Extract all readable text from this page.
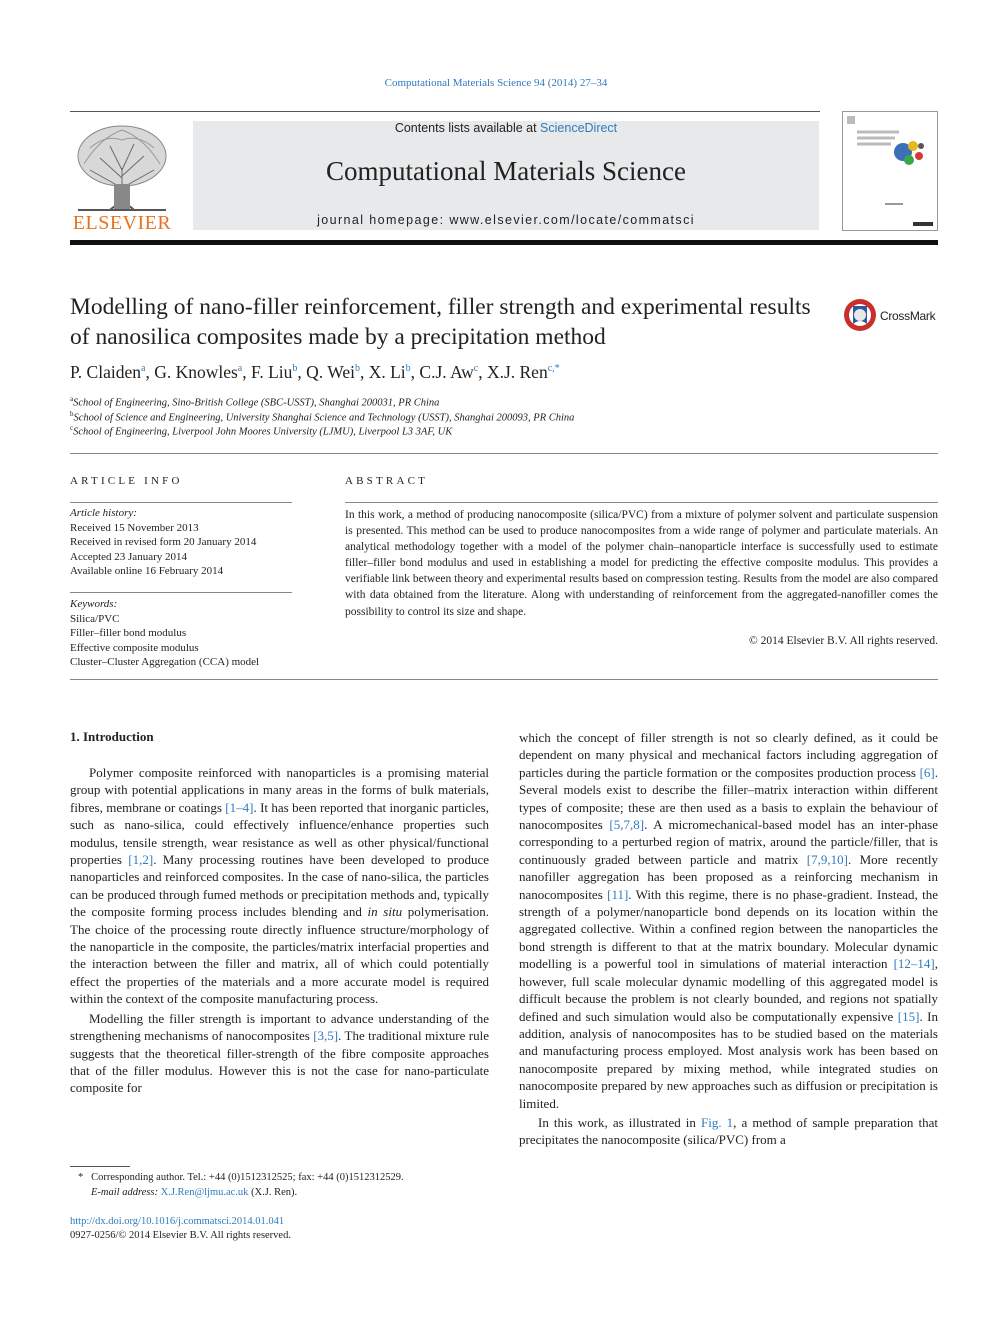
Computational Materials Science 94 (2014) 27–34
ELSEVIER
Contents lists available at ScienceDirect
Computational Materials Science
journal homepage: www.elsevier.com/locate/commatsci
Modelling of nano-filler reinforcement, filler strength and experimental results of nanosilica composites made by a precipitation method
CrossMark
P. Claiden$^a$, G. Knowles$^a$, F. Liu$^b$, Q. Wei$^b$, X. Li$^b$, C.J. Aw$^c$, X.J. Ren$^{c,*}$
$^a$School of Engineering, Sino-British College (SBC-USST), Shanghai 200031, PR China
$^b$School of Science and Engineering, University Shanghai Science and Technology (USST), Shanghai 200093, PR China
$^c$School of Engineering, Liverpool John Moores University (LJMU), Liverpool L3 3AF, UK
ARTICLE INFO
Article history:
Received 15 November 2013
Received in revised form 20 January 2014
Accepted 23 January 2014
Available online 16 February 2014
Keywords:
Silica/PVC
Filler–filler bond modulus
Effective composite modulus
Cluster–Cluster Aggregation (CCA) model
ABSTRACT
In this work, a method of producing nanocomposite (silica/PVC) from a mixture of polymer solvent and particulate suspension is presented. This method can be used to produce nanocomposites from a wide range of polymer and particulate materials. An analytical methodology together with a model of the polymer chain–nanoparticle interface is successfully used to estimate filler–filler bond modulus and used in establishing a model for predicting the effective composite modulus. This provides a verifiable link between theory and experimental results based on compression testing. Results from the model are also compared with data obtained from the literature. Along with understanding of reinforcement from the aggregated-nanofiller comes the possibility to control its size and shape.
© 2014 Elsevier B.V. All rights reserved.
1. Introduction

Polymer composite reinforced with nanoparticles is a promising material group with potential applications in many areas in the forms of bulk materials, fibres, membrane or coatings [1–4]. It has been reported that inorganic particles, such as nano-silica, could effectively influence/enhance properties such modulus, tensile strength, wear resistance as well as other physical/functional properties [1,2]. Many processing routines have been developed to produce nanoparticles and reinforced composites. In the case of nano-silica, the particles can be produced through fumed methods or precipitation methods and, typically the composite forming process includes blending and in situ polymerisation. The choice of the processing route directly influence structure/morphology of the nanoparticle in the composite, the particles/matrix interfacial properties and the interaction between the filler and matrix, all of which could potentially effect the properties of the materials and a more accurate model is required within the context of the composite manufacturing process.

Modelling the filler strength is important to advance understanding of the strengthening mechanisms of nanocomposites [3,5]. The traditional mixture rule suggests that the theoretical filler-strength of the fibre composite approaches that of the filler modulus. However this is not the case for nano-particulate composite for

which the concept of filler strength is not so clearly defined, as it could be dependent on many physical and mechanical factors including aggregation of particles during the particle formation or the composites production process [6]. Several models exist to describe the filler–matrix interaction within different types of composite; these are then used as a basis to explain the behaviour of nanocomposites [5,7,8]. A micromechanical-based model has an inter-phase corresponding to a perturbed region of matrix, around the particle/filler, that is continuously graded between particle and matrix [7,9,10]. More recently nanofiller aggregation has been proposed as a reinforcing mechanism in nanocomposites [11]. With this regime, there is no phase-gradient. Instead, the strength of a polymer/nanoparticle bond depends on its location within the aggregated collective. Within a confined region between the nanoparticles the bond strength is different to that at the matrix boundary. Molecular dynamic modelling is a powerful tool in simulations of material interaction [12–14], however, full scale molecular dynamic modelling of this aggregated model is difficult because the problem is not clearly bounded, and regions not spatially defined and such simulation would also be computationally expensive [15]. In addition, analysis of nanocomposites has to be studied based on the materials and manufacturing process employed. Most analysis work has been based on nanocomposite prepared by mixing method, while integrated studies on nanocomposite prepared by new approaches such as diffusion or precipitation is limited.

In this work, as illustrated in Fig. 1, a method of sample preparation that precipitates the nanocomposite (silica/PVC) from a

* Corresponding author. Tel.: +44 (0)1512312525; fax: +44 (0)1512312529.
E-mail address: X.J.Ren@ljmu.ac.uk (X.J. Ren).
http://dx.doi.org/10.1016/j.commatsci.2014.01.041
0927-0256/© 2014 Elsevier B.V. All rights reserved.
